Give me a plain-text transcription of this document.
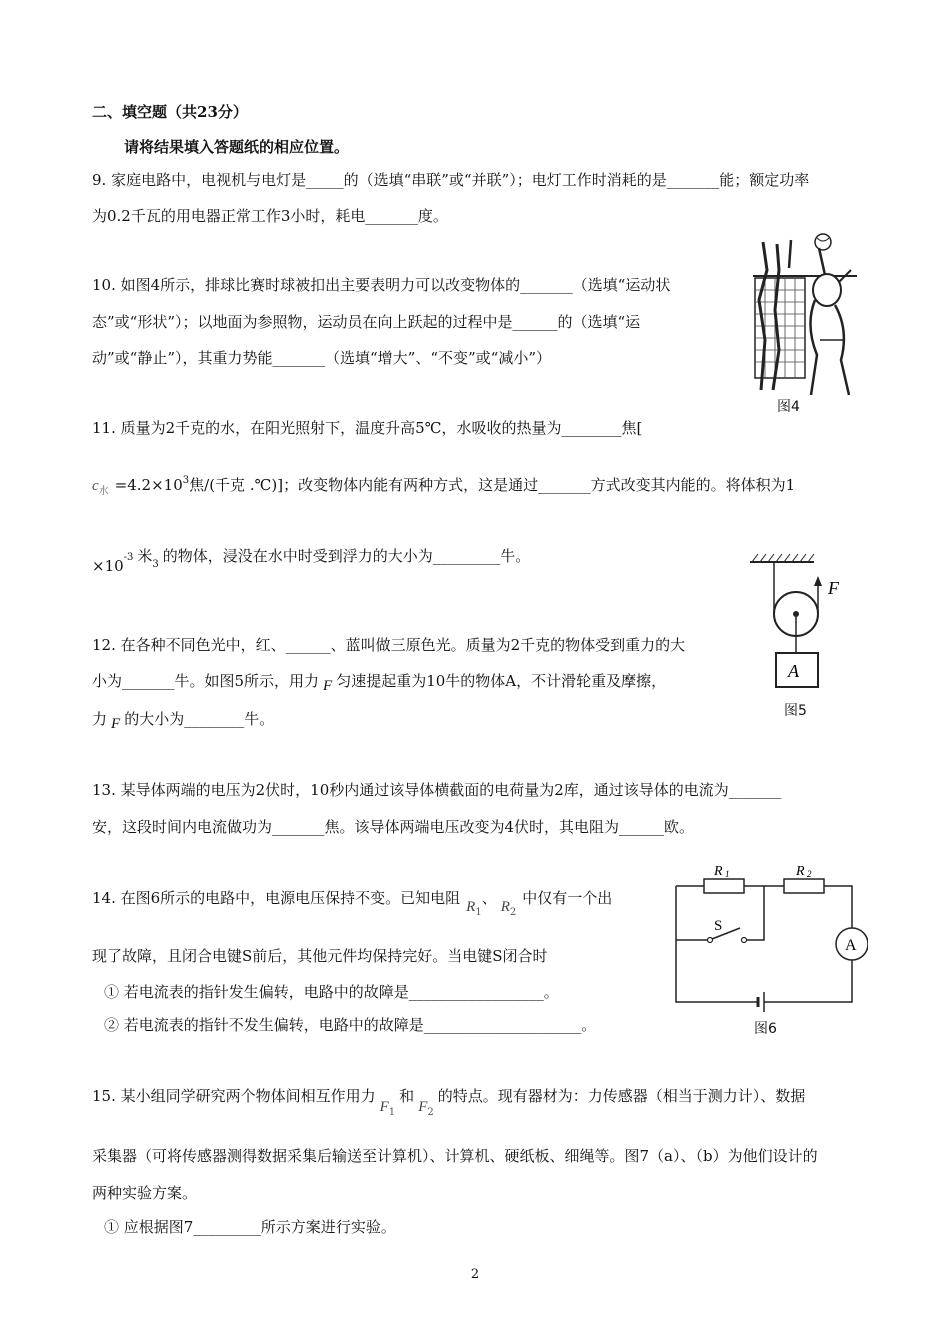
二、填空题（共23分）
请将结果填入答题纸的相应位置。
9. 家庭电路中，电视机与电灯是_____的（选填“串联”或“并联”）；电灯工作时消耗的是_______能；额定功率
为0.2千瓦的用电器正常工作3小时，耗电_______度。
10. 如图4所示，排球比赛时球被扣出主要表明力可以改变物体的_______（选填“运动状
态”或“形状”）；以地面为参照物，运动员在向上跃起的过程中是______的（选填“运
动”或“静止”），其重力势能_______（选填“增大”、“不变”或“减小”）
图4
11. 质量为2千克的水，在阳光照射下，温度升高5℃，水吸收的热量为________焦[
$c_水 =4.2\times 10^3$焦/(千克 .℃)]；改变物体内能有两种方式，这是通过_______方式改变其内能的。将体积为1
$\times 10^{-3}$ 米$_3$ 的物体，浸没在水中时受到浮力的大小为_________牛。
F
A
图5
12. 在各种不同色光中，红、______、蓝叫做三原色光。质量为2千克的物体受到重力的大
小为_______牛。如图5所示，用力 F 匀速提起重为10牛的物体A，不计滑轮重及摩擦，
力 F 的大小为________牛。
13. 某导体两端的电压为2伏时，10秒内通过该导体横截面的电荷量为2库，通过该导体的电流为_______
安，这段时间内电流做功为_______焦。该导体两端电压改变为4伏时，其电阻为______欧。
14. 在图6所示的电路中，电源电压保持不变。已知电阻 $R_1$、 $R_2$中仅有一个出
现了故障，且闭合电键S前后，其他元件均保持完好。当电键S闭合时
① 若电流表的指针发生偏转，电路中的故障是__________________。
② 若电流表的指针不发生偏转，电路中的故障是_____________________。
R 1	R 2
A
S
图6
15. 某小组同学研究两个物体间相互作用力$F_1$和$F_2$的特点。现有器材为：力传感器（相当于测力计）、数据
采集器（可将传感器测得数据采集后输送至计算机）、计算机、硬纸板、细绳等。图7（a）、（b）为他们设计的
两种实验方案。
① 应根据图7_________所示方案进行实验。
2
